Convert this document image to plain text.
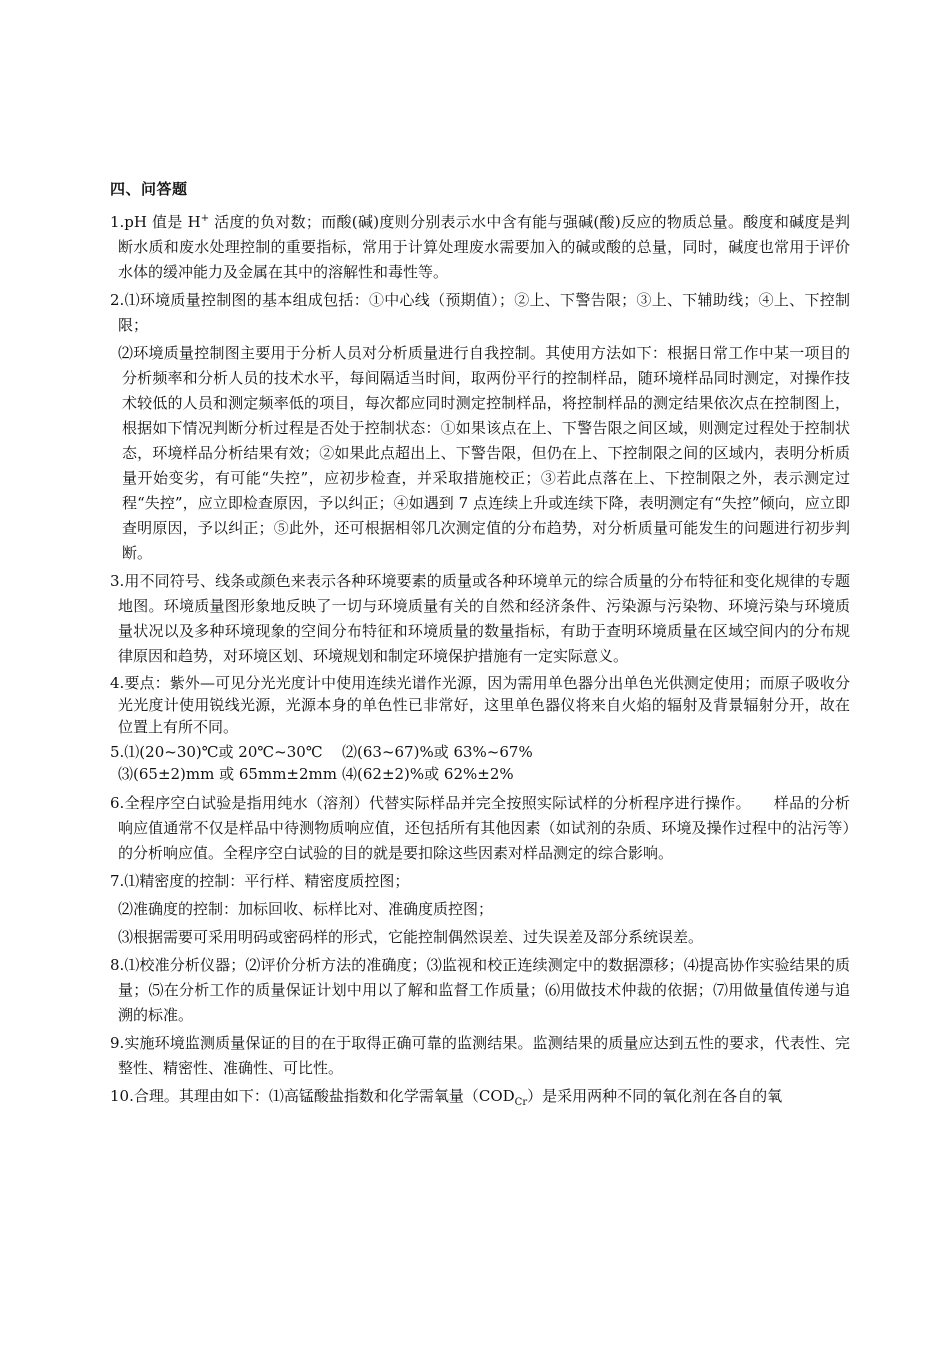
四、问答题

1.pH 值是 H+ 活度的负对数；而酸(碱)度则分别表示水中含有能与强碱(酸)反应的物质总量。酸度和碱度是判断水质和废水处理控制的重要指标，常用于计算处理废水需要加入的碱或酸的总量，同时，碱度也常用于评价水体的缓冲能力及金属在其中的溶解性和毒性等。

2.⑴环境质量控制图的基本组成包括：①中心线（预期值）；②上、下警告限；③上、下辅助线；④上、下控制限；

⑵环境质量控制图主要用于分析人员对分析质量进行自我控制。其使用方法如下：根据日常工作中某一项目的分析频率和分析人员的技术水平，每间隔适当时间，取两份平行的控制样品，随环境样品同时测定，对操作技术较低的人员和测定频率低的项目，每次都应同时测定控制样品，将控制样品的测定结果依次点在控制图上，根据如下情况判断分析过程是否处于控制状态：①如果该点在上、下警告限之间区域，则测定过程处于控制状态，环境样品分析结果有效；②如果此点超出上、下警告限，但仍在上、下控制限之间的区域内，表明分析质量开始变劣，有可能“失控”，应初步检查，并采取措施校正；③若此点落在上、下控制限之外，表示测定过程“失控”，应立即检查原因，予以纠正；④如遇到 7 点连续上升或连续下降，表明测定有“失控”倾向，应立即查明原因，予以纠正；⑤此外，还可根据相邻几次测定值的分布趋势，对分析质量可能发生的问题进行初步判断。

3.用不同符号、线条或颜色来表示各种环境要素的质量或各种环境单元的综合质量的分布特征和变化规律的专题地图。环境质量图形象地反映了一切与环境质量有关的自然和经济条件、污染源与污染物、环境污染与环境质量状况以及多种环境现象的空间分布特征和环境质量的数量指标，有助于查明环境质量在区域空间内的分布规律原因和趋势，对环境区划、环境规划和制定环境保护措施有一定实际意义。

4.要点：紫外—可见分光光度计中使用连续光谱作光源，因为需用单色器分出单色光供测定使用；而原子吸收分光光度计使用锐线光源，光源本身的单色性已非常好，这里单色器仪将来自火焰的辐射及背景辐射分开，故在位置上有所不同。

5.⑴(20~30)℃或 20℃~30℃	⑵(63~67)%或 63%~67%
⑶(65±2)mm 或 65mm±2mm ⑷(62±2)%或 62%±2%

6.全程序空白试验是指用纯水（溶剂）代替实际样品并完全按照实际试样的分析程序进行操作。　　样品的分析响应值通常不仅是样品中待测物质响应值，还包括所有其他因素（如试剂的杂质、环境及操作过程中的沾污等）的分析响应值。全程序空白试验的目的就是要扣除这些因素对样品测定的综合影响。

7.⑴精密度的控制：平行样、精密度质控图；

⑵准确度的控制：加标回收、标样比对、准确度质控图；

⑶根据需要可采用明码或密码样的形式，它能控制偶然误差、过失误差及部分系统误差。

8.⑴校准分析仪器；⑵评价分析方法的准确度；⑶监视和校正连续测定中的数据漂移；⑷提高协作实验结果的质量；⑸在分析工作的质量保证计划中用以了解和监督工作质量；⑹用做技术仲裁的依据；⑺用做量值传递与追溯的标准。

9.实施环境监测质量保证的目的在于取得正确可靠的监测结果。监测结果的质量应达到五性的要求，代表性、完整性、精密性、准确性、可比性。

10.合理。其理由如下：⑴高锰酸盐指数和化学需氧量$(COD_{Cr})$是采用两种不同的氧化剂在各自的氧
